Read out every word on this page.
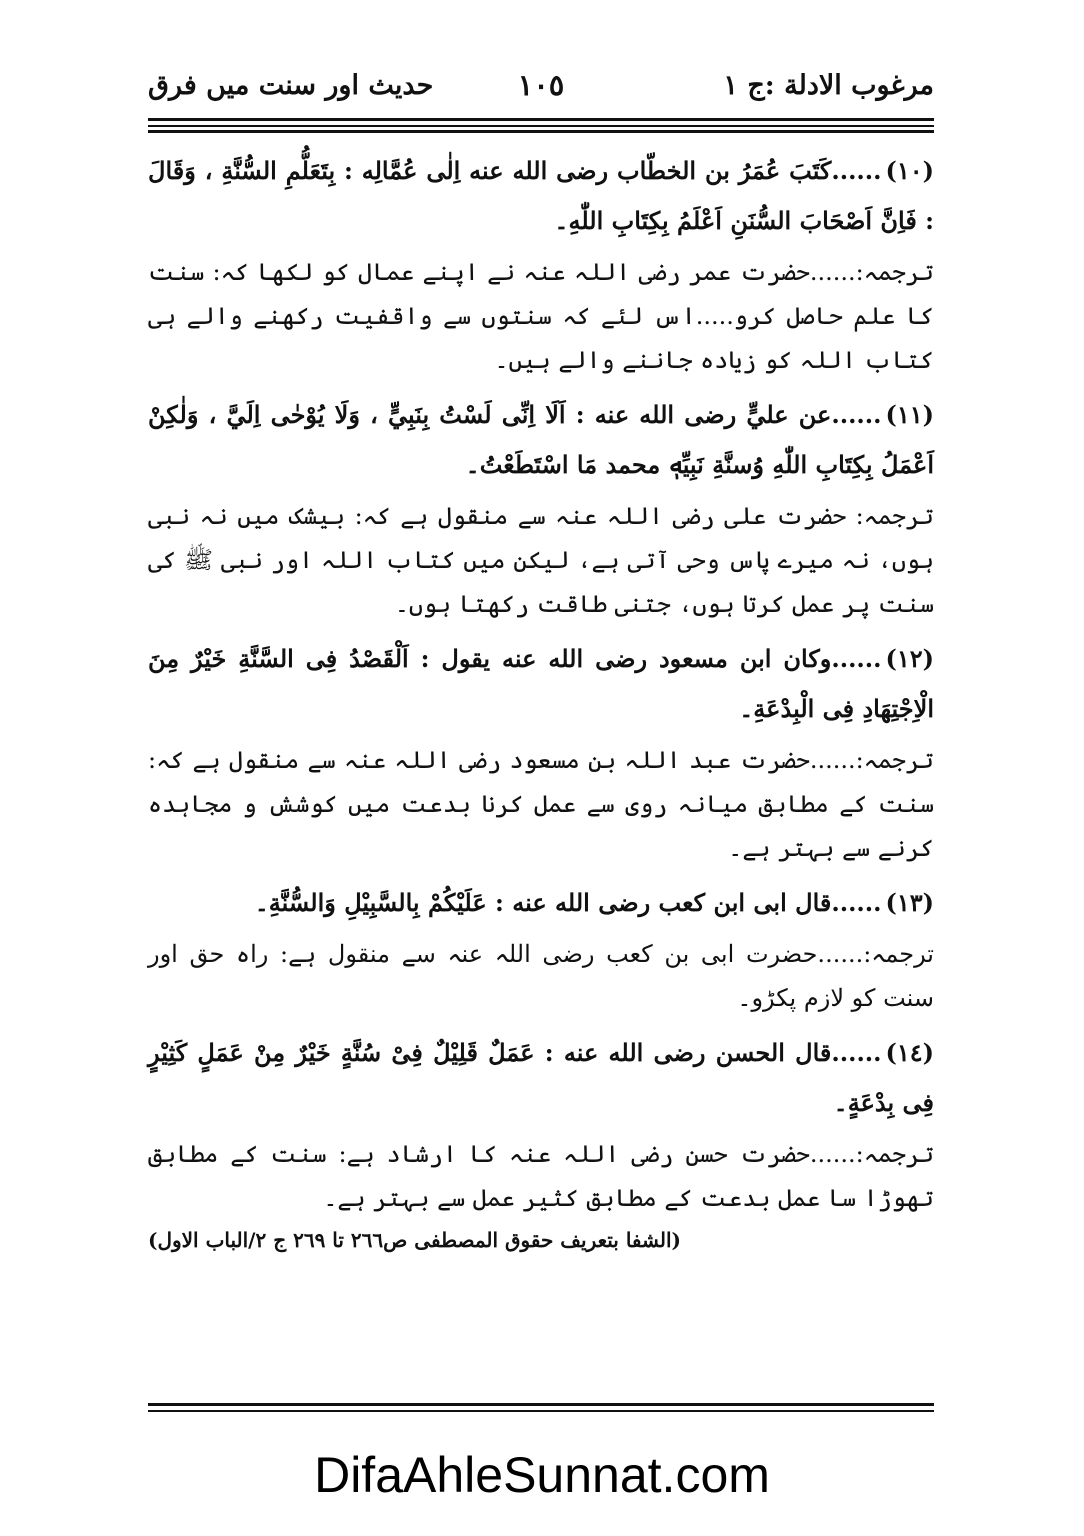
مرغوب الادلة :ج ١
١٠٥
حدیث اور سنت میں فرق

(١٠)......كَتَبَ عُمَرُ بن الخطّاب رضى الله عنه اِلٰى عُمَّالِه : بِتَعَلُّمِ السُّنَّةِ ، وَقَالَ : فَاِنَّ اَصْحَابَ السُّنَنِ اَعْلَمُ بِكِتَابِ اللّٰهِ۔

ترجمہ:......حضرت عمر رضی اللہ عنہ نے اپنے عمال کو لکھا کہ: سنت کا علم حاصل کرو.....اس لئے کہ سنتوں سے واقفیت رکھنے والے ہی کتاب اللہ کو زیادہ جاننے والے ہیں۔

(١١)......عن عليٍّ رضى الله عنه : اَلَا اِنِّى لَسْتُ بِنَبِيٍّ ، وَلَا يُوْحٰى اِلَيَّ ، وَلٰكِنْ اَعْمَلُ بِكِتَابِ اللّٰهِ وُسنَّةِ نَبِيِّهٖ محمد مَا اسْتَطَعْتُ۔

ترجمہ: حضرت علی رضی اللہ عنہ سے منقول ہے کہ: بیشک میں نہ نبی ہوں، نہ میرے پاس وحی آتی ہے، لیکن میں کتاب اللہ اور نبی ﷺ کی سنت پر عمل کرتا ہوں، جتنی طاقت رکھتا ہوں۔

(١٢)......وكان ابن مسعود رضى الله عنه يقول : اَلْقَصْدُ فِى السَّنَّةِ خَيْرٌ مِنَ الْاِجْتِهَادِ فِى الْبِدْعَةِ۔

ترجمہ:......حضرت عبد اللہ بن مسعود رضی اللہ عنہ سے منقول ہے کہ: سنت کے مطابق میانہ روی سے عمل کرنا بدعت میں کوشش و مجاہدہ کرنے سے بہتر ہے۔

(١٣)......قال ابى ابن كعب رضى الله عنه : عَلَيْكُمْ بِالسَّبِيْلِ وَالسُّنَّةِ۔

ترجمہ:......حضرت ابی بن کعب رضی اللہ عنہ سے منقول ہے: راہ حق اور سنت کو لازم پکڑو۔

(١٤)......قال الحسن رضى الله عنه : عَمَلٌ قَلِيْلٌ فِىْ سُنَّةٍ خَيْرٌ مِنْ عَمَلٍ كَثِيْرٍ فِى بِدْعَةٍ۔

ترجمہ:......حضرت حسن رضی اللہ عنہ کا ارشاد ہے: سنت کے مطابق تھوڑا سا عمل بدعت کے مطابق کثیر عمل سے بہتر ہے۔

(الشفا بتعريف حقوق المصطفى ص٢٦٦ تا ٢٦٩ ج ٢/الباب الاول)

DifaAhleSunnat.com
